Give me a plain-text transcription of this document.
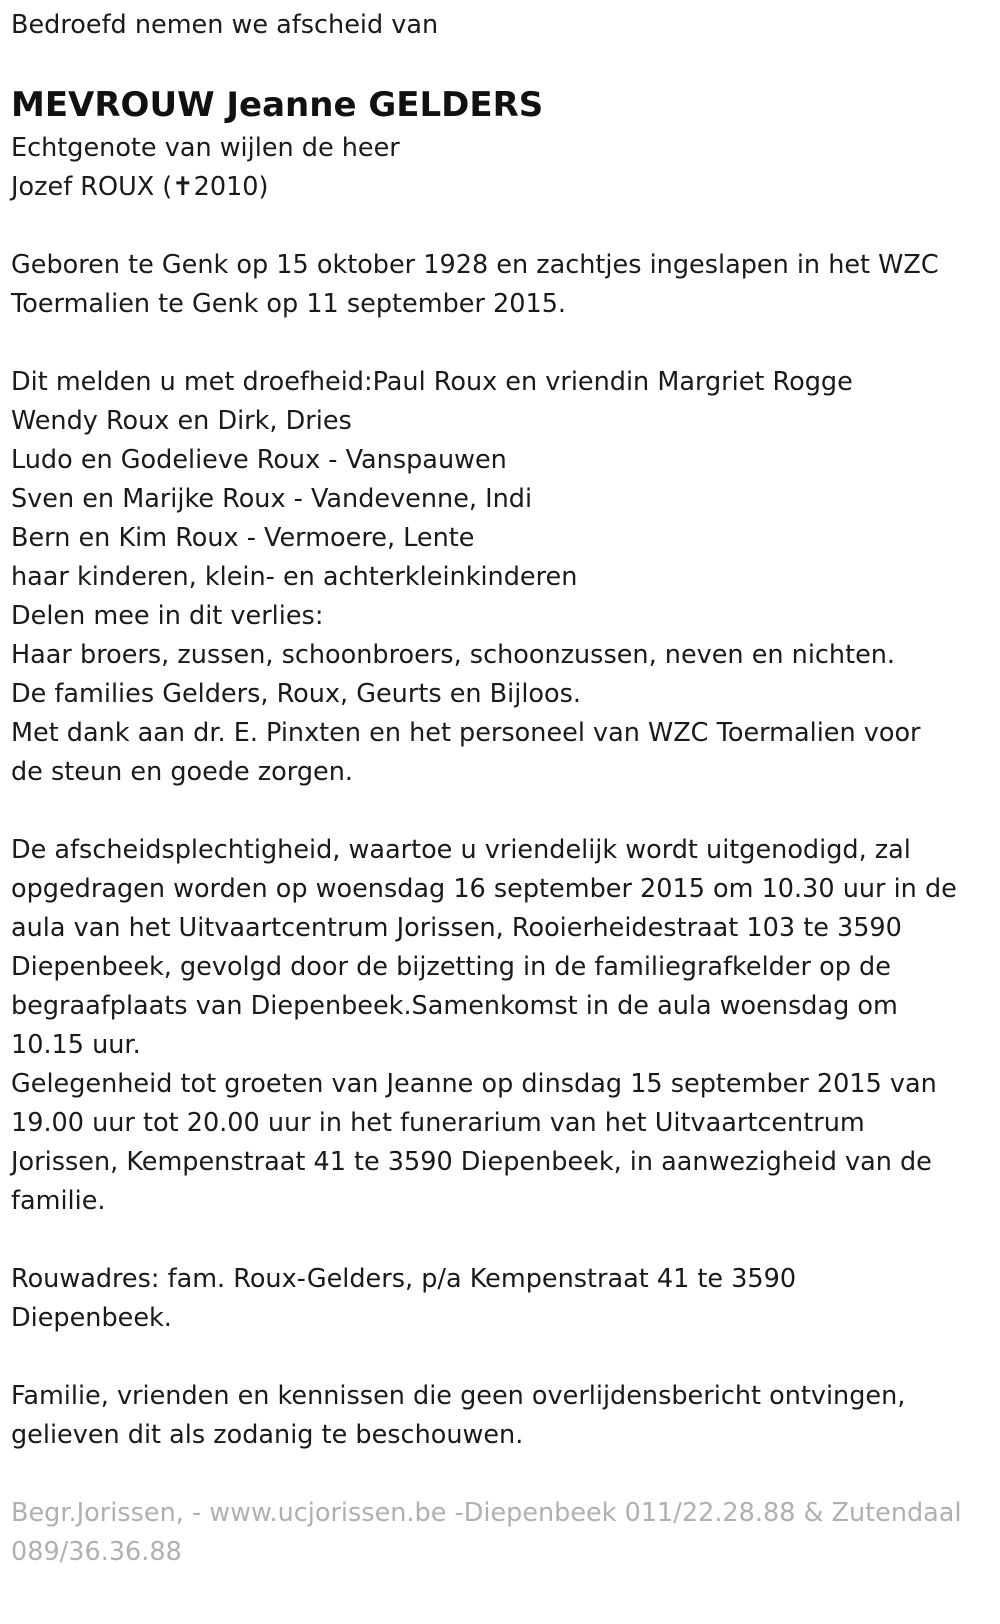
Bedroefd nemen we afscheid van

MEVROUW Jeanne GELDERS

Echtgenote van wijlen de heer

Jozef ROUX (✝2010)

Geboren te Genk op 15 oktober 1928 en zachtjes ingeslapen in het WZC

Toermalien te Genk op 11 september 2015.

Dit melden u met droefheid:Paul Roux en vriendin Margriet Rogge

Wendy Roux en Dirk, Dries

Ludo en Godelieve Roux - Vanspauwen

Sven en Marijke Roux - Vandevenne, Indi

Bern en Kim Roux - Vermoere, Lente

haar kinderen, klein- en achterkleinkinderen

Delen mee in dit verlies:

Haar broers, zussen, schoonbroers, schoonzussen, neven en nichten.

De families Gelders, Roux, Geurts en Bijloos.

Met dank aan dr. E. Pinxten en het personeel van WZC Toermalien voor

de steun en goede zorgen.

De afscheidsplechtigheid, waartoe u vriendelijk wordt uitgenodigd, zal

opgedragen worden op woensdag 16 september 2015 om 10.30 uur in de

aula van het Uitvaartcentrum Jorissen, Rooierheidestraat 103 te 3590

Diepenbeek, gevolgd door de bijzetting in de familiegrafkelder op de

begraafplaats van Diepenbeek.Samenkomst in de aula woensdag om

10.15 uur.

Gelegenheid tot groeten van Jeanne op dinsdag 15 september 2015 van

19.00 uur tot 20.00 uur in het funerarium van het Uitvaartcentrum

Jorissen, Kempenstraat 41 te 3590 Diepenbeek, in aanwezigheid van de

familie.

Rouwadres: fam. Roux-Gelders, p/a Kempenstraat 41 te 3590

Diepenbeek.

Familie, vrienden en kennissen die geen overlijdensbericht ontvingen,

gelieven dit als zodanig te beschouwen.

Begr.Jorissen, - www.ucjorissen.be -Diepenbeek 011/22.28.88 & Zutendaal

089/36.36.88
